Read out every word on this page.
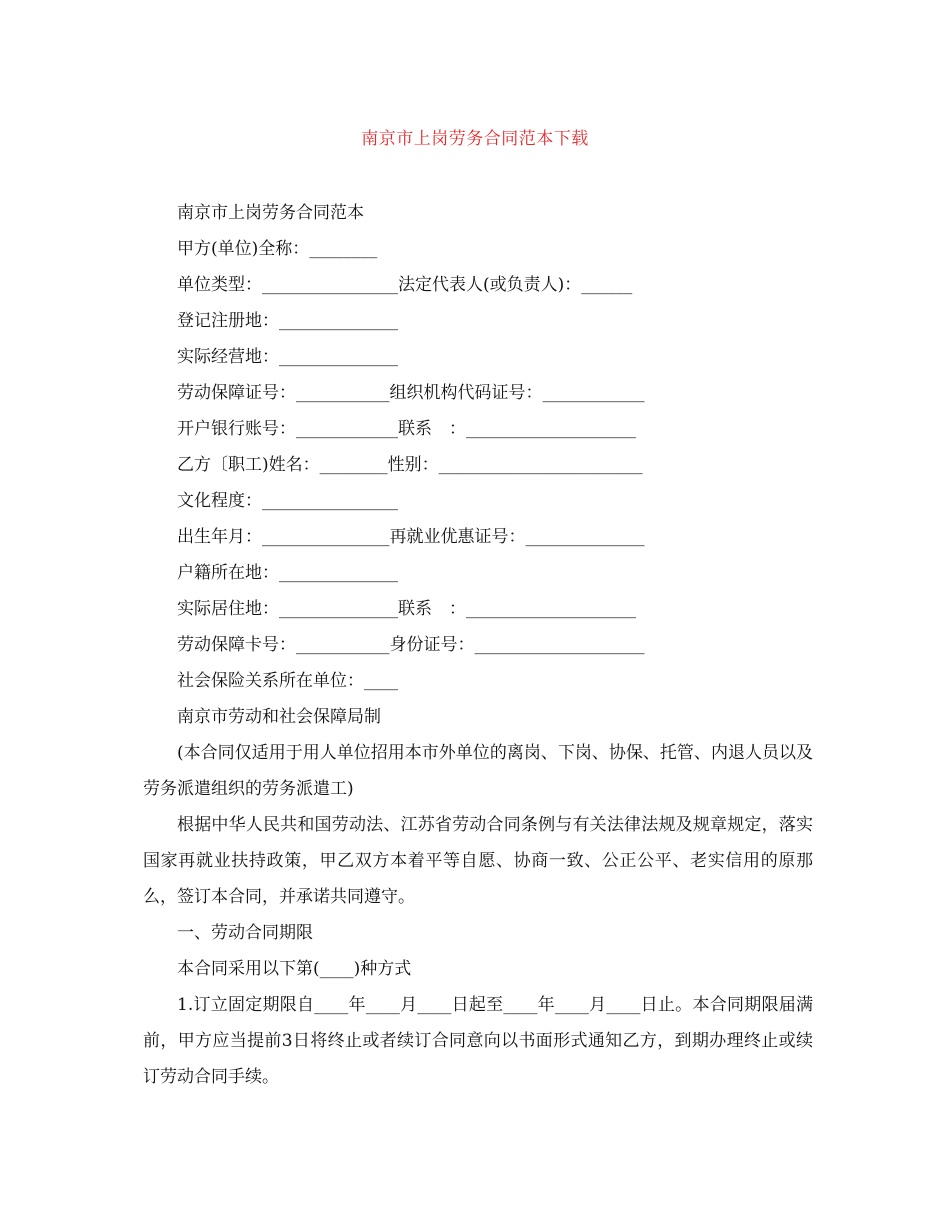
南京市上岗劳务合同范本下载
南京市上岗劳务合同范本
甲方(单位)全称：________
单位类型：________________法定代表人(或负责人)：______
登记注册地：______________
实际经营地：______________
劳动保障证号：___________组织机构代码证号：____________
开户银行账号：____________联系　：____________________
乙方〔职工)姓名：________性别：________________________
文化程度：________________
出生年月：_______________再就业优惠证号：______________
户籍所在地：______________
实际居住地：______________联系　：____________________
劳动保障卡号：___________身份证号：____________________
社会保险关系所在单位：____
南京市劳动和社会保障局制
(本合同仅适用于用人单位招用本市外单位的离岗、下岗、协保、托管、内退人员以及劳务派遣组织的劳务派遣工)
根据中华人民共和国劳动法、江苏省劳动合同条例与有关法律法规及规章规定，落实国家再就业扶持政策，甲乙双方本着平等自愿、协商一致、公正公平、老实信用的原那么，签订本合同，并承诺共同遵守。
一、劳动合同期限
本合同采用以下第(____)种方式
1.订立固定期限自____年____月____日起至____年____月____日止。本合同期限届满前，甲方应当提前3日将终止或者续订合同意向以书面形式通知乙方，到期办理终止或续订劳动合同手续。
